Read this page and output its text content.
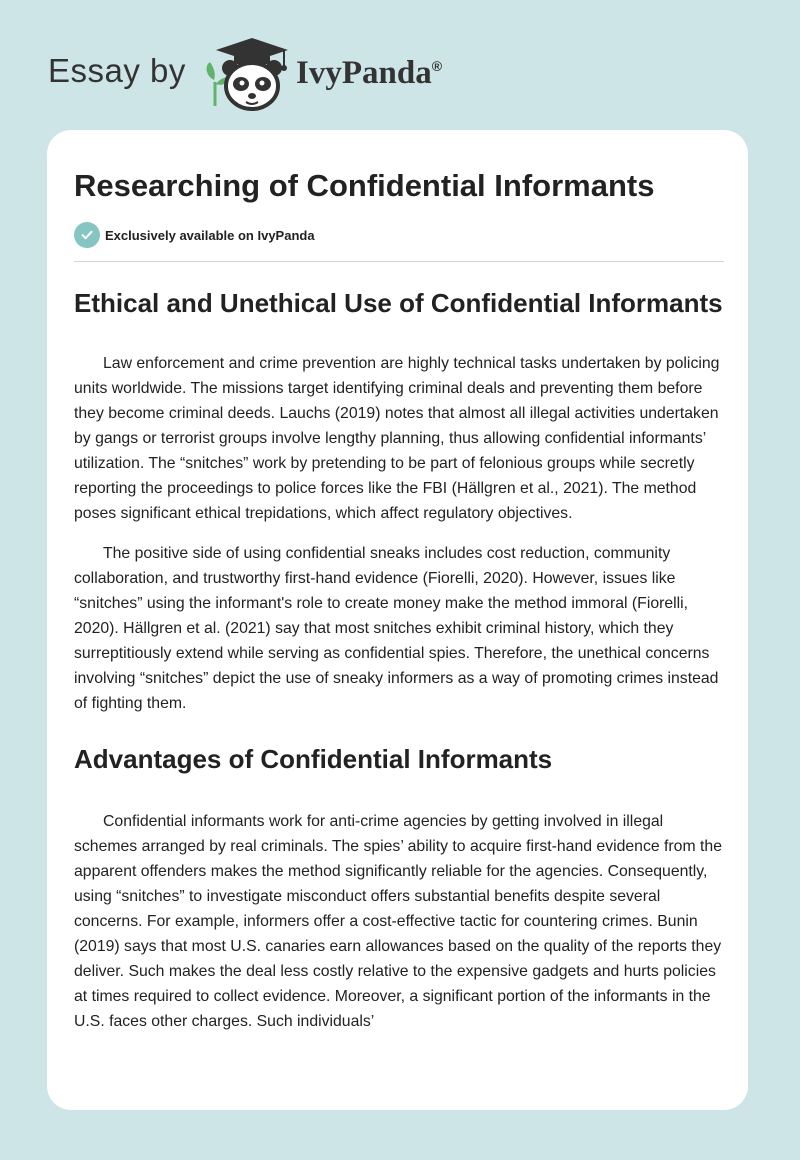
Essay by	IvyPanda®
Researching of Confidential Informants
Exclusively available on IvyPanda
Ethical and Unethical Use of Confidential Informants

Law enforcement and crime prevention are highly technical tasks undertaken by policing units worldwide. The missions target identifying criminal deals and preventing them before they become criminal deeds. Lauchs (2019) notes that almost all illegal activities undertaken by gangs or terrorist groups involve lengthy planning, thus allowing confidential informants’ utilization. The “snitches” work by pretending to be part of felonious groups while secretly reporting the proceedings to police forces like the FBI (Hällgren et al., 2021). The method poses significant ethical trepidations, which affect regulatory objectives.

The positive side of using confidential sneaks includes cost reduction, community collaboration, and trustworthy first-hand evidence (Fiorelli, 2020). However, issues like “snitches” using the informant's role to create money make the method immoral (Fiorelli, 2020). Hällgren et al. (2021) say that most snitches exhibit criminal history, which they surreptitiously extend while serving as confidential spies. Therefore, the unethical concerns involving “snitches” depict the use of sneaky informers as a way of promoting crimes instead of fighting them.

Advantages of Confidential Informants

Confidential informants work for anti-crime agencies by getting involved in illegal schemes arranged by real criminals. The spies’ ability to acquire first-hand evidence from the apparent offenders makes the method significantly reliable for the agencies. Consequently, using “snitches” to investigate misconduct offers substantial benefits despite several concerns. For example, informers offer a cost-effective tactic for countering crimes. Bunin (2019) says that most U.S. canaries earn allowances based on the quality of the reports they deliver. Such makes the deal less costly relative to the expensive gadgets and hurts policies at times required to collect evidence. Moreover, a significant portion of the informants in the U.S. faces other charges. Such individuals’
